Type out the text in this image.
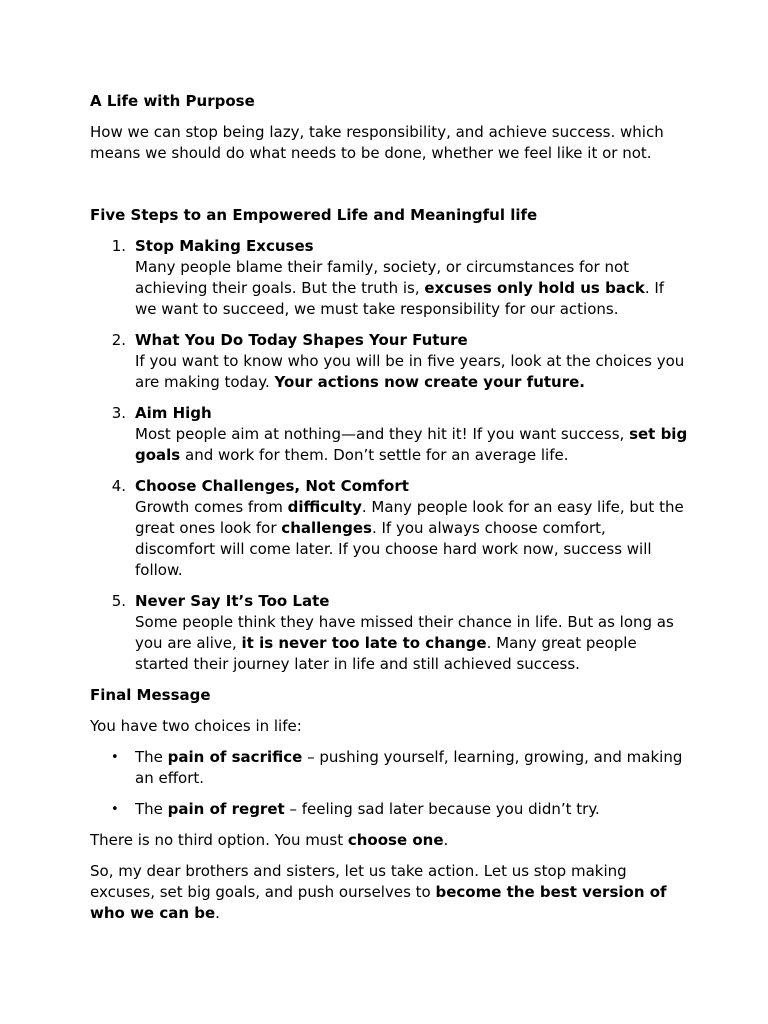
A Life with Purpose

How we can stop being lazy, take responsibility, and achieve success. which means we should do what needs to be done, whether we feel like it or not.

Five Steps to an Empowered Life and Meaningful life

1. Stop Making Excuses
Many people blame their family, society, or circumstances for not achieving their goals. But the truth is, excuses only hold us back. If we want to succeed, we must take responsibility for our actions.
2. What You Do Today Shapes Your Future
If you want to know who you will be in five years, look at the choices you are making today. Your actions now create your future.
3. Aim High
Most people aim at nothing—and they hit it! If you want success, set big goals and work for them. Don’t settle for an average life.
4. Choose Challenges, Not Comfort
Growth comes from difficulty. Many people look for an easy life, but the great ones look for challenges. If you always choose comfort, discomfort will come later. If you choose hard work now, success will follow.
5. Never Say It’s Too Late
Some people think they have missed their chance in life. But as long as you are alive, it is never too late to change. Many great people started their journey later in life and still achieved success.

Final Message

You have two choices in life:

• The pain of sacrifice – pushing yourself, learning, growing, and making an effort.
• The pain of regret – feeling sad later because you didn’t try.

There is no third option. You must choose one.

So, my dear brothers and sisters, let us take action. Let us stop making excuses, set big goals, and push ourselves to become the best version of who we can be.
